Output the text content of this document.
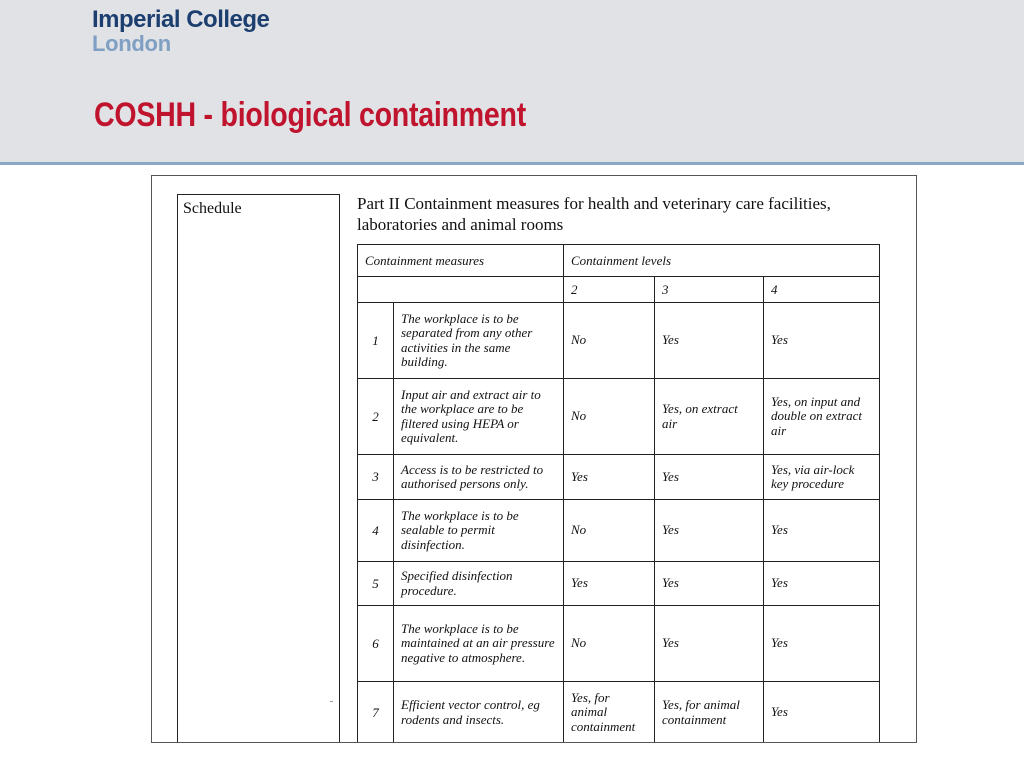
Imperial College
London
COSHH - biological containment
Schedule	Part II Containment measures for health and veterinary care facilities, laboratories and animal rooms
Containment measures		Containment levels		
		2	3	4
1	The workplace is to be separated from any other activities in the same building.	No	Yes	Yes
2	Input air and extract air to the workplace are to be filtered using HEPA or equivalent.	No	Yes, on extract air	Yes, on input and double on extract air
3	Access is to be restricted to authorised persons only.	Yes	Yes	Yes, via air-lock key procedure
4	The workplace is to be sealable to permit disinfection.	No	Yes	Yes
5	Specified disinfection procedure.	Yes	Yes	Yes
6	The workplace is to be maintained at an air pressure negative to atmosphere.	No	Yes	Yes
7	Efficient vector control, eg rodents and insects.	Yes, for animal containment	Yes, for animal containment	Yes
